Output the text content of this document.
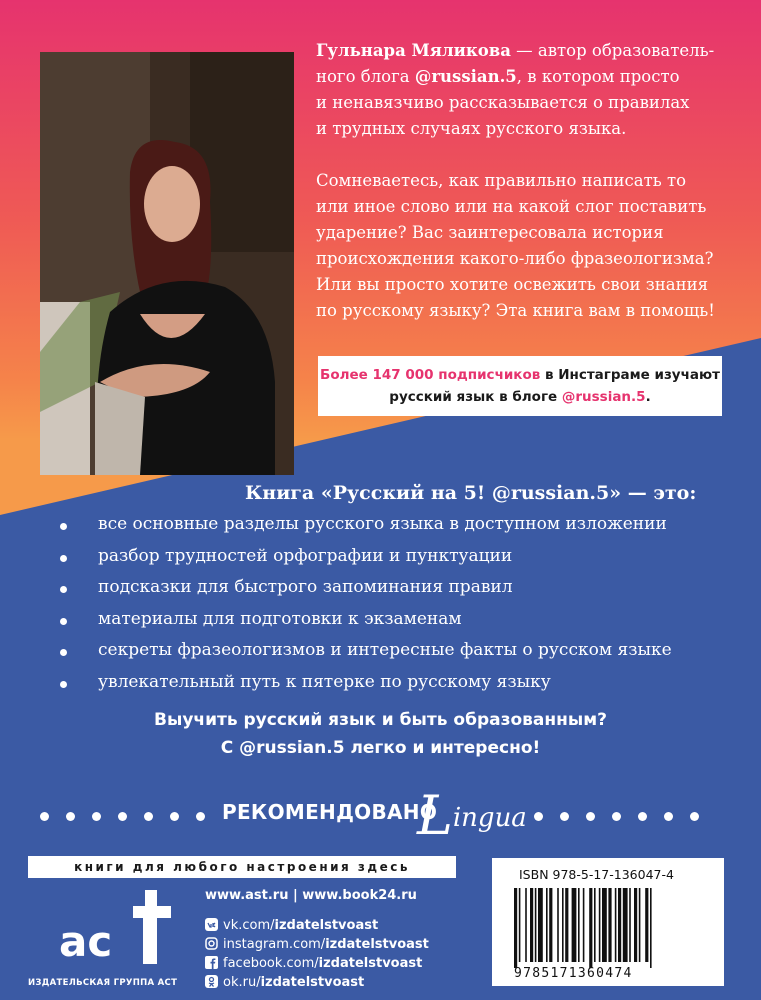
Гульнара Мяликова — автор образователь-
ного блога @russian.5, в котором просто
и ненавязчиво рассказывается о правилах
и трудных случаях русского языка.
Сомневаетесь, как правильно написать то
или иное слово или на какой слог поставить
ударение? Вас заинтересовала история
происхождения какого-либо фразеологизма?
Или вы просто хотите освежить свои знания
по русскому языку? Эта книга вам в помощь!
Более 147 000 подписчиков в Инстаграме изучают
русский язык в блоге @russian.5.
Книга «Русский на 5! @russian.5» — это:
все основные разделы русского языка в доступном изложении
разбор трудностей орфографии и пунктуации
подсказки для быстрого запоминания правил
материалы для подготовки к экзаменам
секреты фразеологизмов и интересные факты о русском языке
увлекательный путь к пятерке по русскому языку
Выучить русский язык и быть образованным?
С @russian.5 легко и интересно!
РЕКОМЕНДОВАНО
Lingua
книги для любого настроения здесь
ac
www.ast.ru | www.book24.ru
vk.com/izdatelstvoast
instagram.com/izdatelstvoast
facebook.com/izdatelstvoast
ok.ru/izdatelstvoast
ИЗДАТЕЛЬСКАЯ ГРУППА АСТ
ISBN 978-5-17-136047-4
9785171360474
